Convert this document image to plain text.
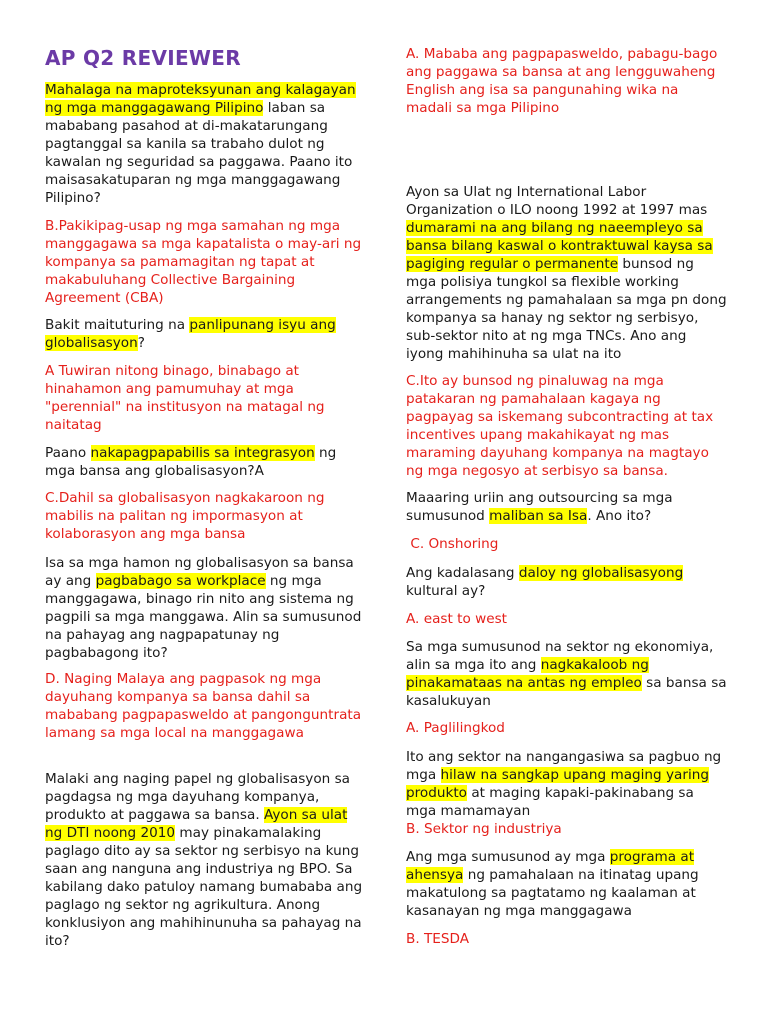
AP Q2 REVIEWER

Mahalaga na maproteksyunan ang kalagayan ng mga manggagawang Pilipino laban sa mababang pasahod at di-makatarungang pagtanggal sa kanila sa trabaho dulot ng kawalan ng seguridad sa paggawa. Paano ito maisasakatuparan ng mga manggagawang Pilipino?

B.Pakikipag-usap ng mga samahan ng mga manggagawa sa mga kapatalista o may-ari ng kompanya sa pamamagitan ng tapat at makabuluhang Collective Bargaining Agreement (CBA)

Bakit maituturing na panlipunang isyu ang globalisasyon?

A Tuwiran nitong binago, binabago at hinahamon ang pamumuhay at mga "perennial" na institusyon na matagal ng naitatag

Paano nakapagpapabilis sa integrasyon ng mga bansa ang globalisasyon?A

C.Dahil sa globalisasyon nagkakaroon ng mabilis na palitan ng impormasyon at kolaborasyon ang mga bansa

Isa sa mga hamon ng globalisasyon sa bansa ay ang pagbabago sa workplace ng mga manggagawa, binago rin nito ang sistema ng pagpili sa mga manggawa. Alin sa sumusunod na pahayag ang nagpapatunay ng pagbabagong ito?

D. Naging Malaya ang pagpasok ng mga dayuhang kompanya sa bansa dahil sa mababang pagpapasweldo at pangonguntrata lamang sa mga local na manggagawa

Malaki ang naging papel ng globalisasyon sa pagdagsa ng mga dayuhang kompanya, produkto at paggawa sa bansa. Ayon sa ulat ng DTI noong 2010 may pinakamalaking paglago dito ay sa sektor ng serbisyo na kung saan ang nanguna ang industriya ng BPO. Sa kabilang dako patuloy namang bumababa ang paglago ng sektor ng agrikultura. Anong konklusiyon ang mahihinunuha sa pahayag na ito?

A. Mababa ang pagpapasweldo, pabagu-bago ang paggawa sa bansa at ang lengguwaheng English ang isa sa pangunahing wika na madali sa mga Pilipino

Ayon sa Ulat ng International Labor Organization o ILO noong 1992 at 1997 mas dumarami na ang bilang ng naeempleyo sa bansa bilang kaswal o kontraktuwal kaysa sa pagiging regular o permanente bunsod ng mga polisiya tungkol sa flexible working arrangements ng pamahalaan sa mga pn dong kompanya sa hanay ng sektor ng serbisyo, sub-sektor nito at ng mga TNCs. Ano ang iyong mahihinuha sa ulat na ito

C.Ito ay bunsod ng pinaluwag na mga patakaran ng pamahalaan kagaya ng pagpayag sa iskemang subcontracting at tax incentives upang makahikayat ng mas maraming dayuhang kompanya na magtayo ng mga negosyo at serbisyo sa bansa.

Maaaring uriin ang outsourcing sa mga sumusunod maliban sa Isa. Ano ito?

C. Onshoring

Ang kadalasang daloy ng globalisasyong kultural ay?

A. east to west

Sa mga sumusunod na sektor ng ekonomiya, alin sa mga ito ang nagkakaloob ng pinakamataas na antas ng empleo sa bansa sa kasalukuyan

A. Paglilingkod

Ito ang sektor na nangangasiwa sa pagbuo ng mga hilaw na sangkap upang maging yaring produkto at maging kapaki-pakinabang sa mga mamamayan

B. Sektor ng industriya

Ang mga sumusunod ay mga programa at ahensya ng pamahalaan na itinatag upang makatulong sa pagtatamo ng kaalaman at kasanayan ng mga manggagawa

B. TESDA
